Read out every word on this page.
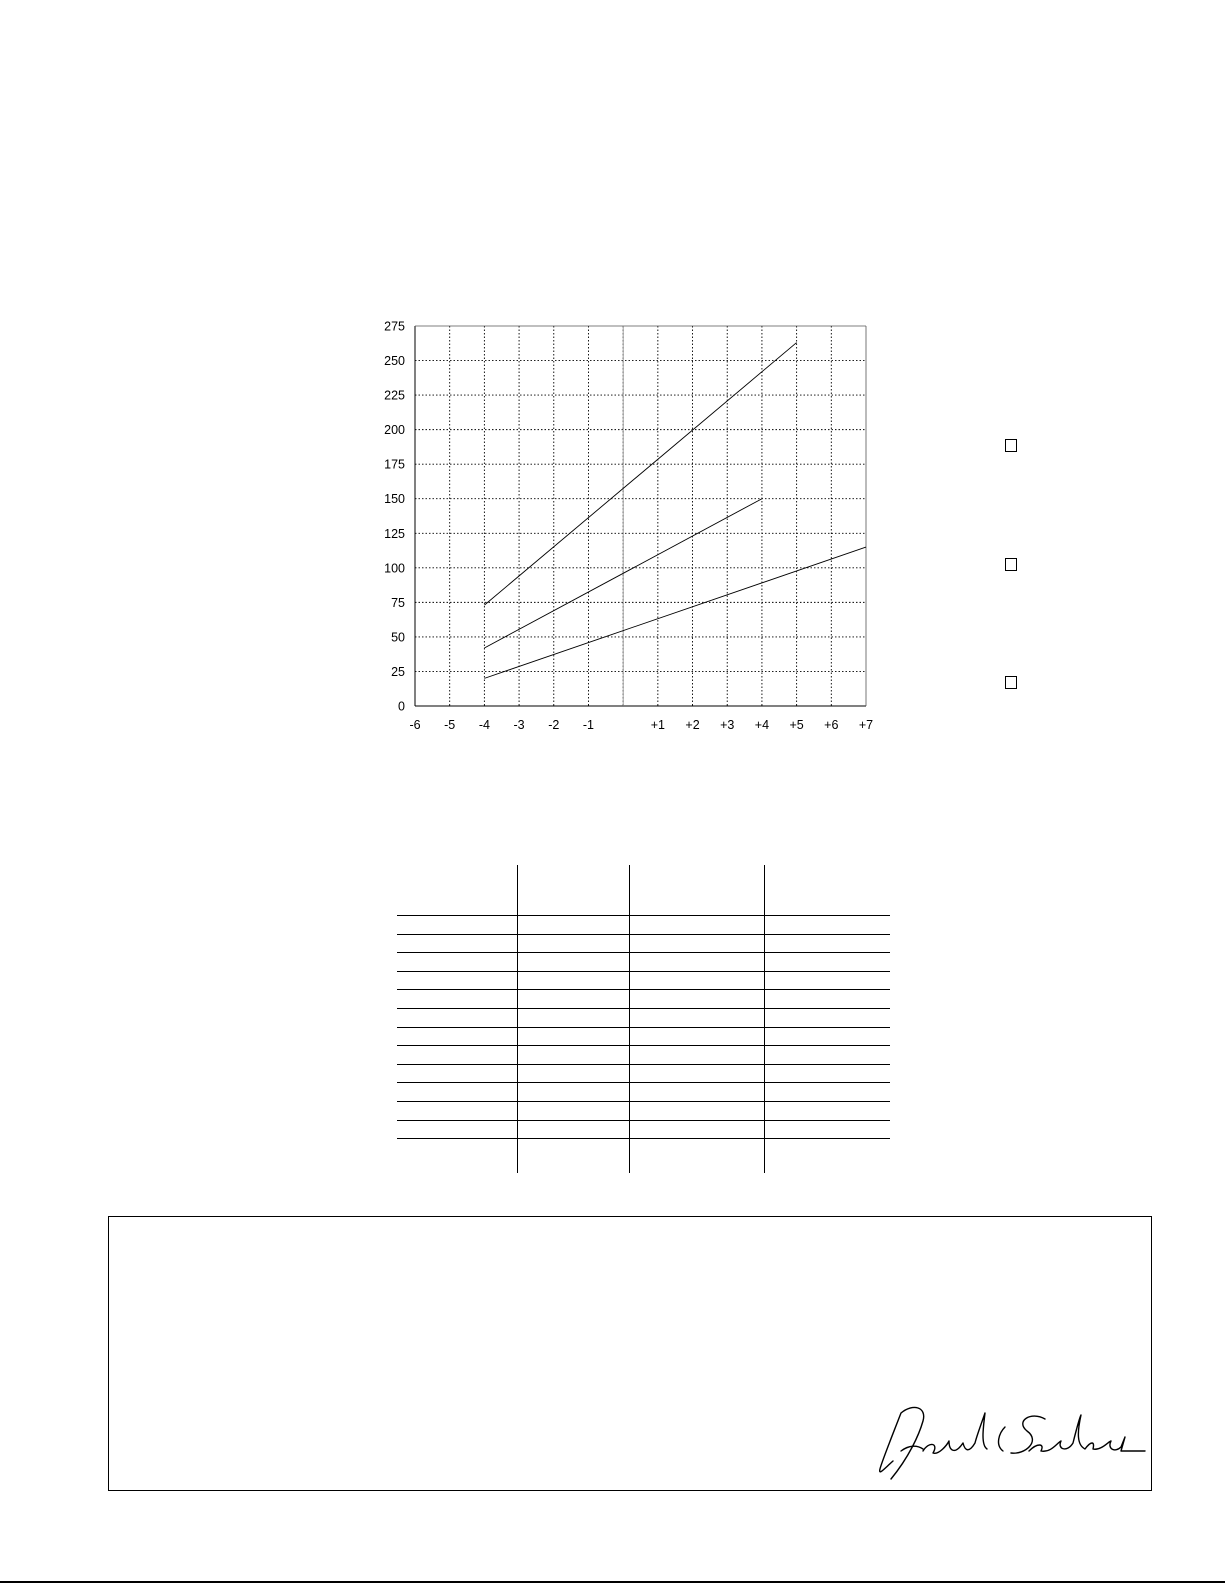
0
25
50
75
100
125
150
175
200
225
250
275
-6 -5 -4 -3 -2 -1	+1 +2 +3 +4 +5 +6 +7
